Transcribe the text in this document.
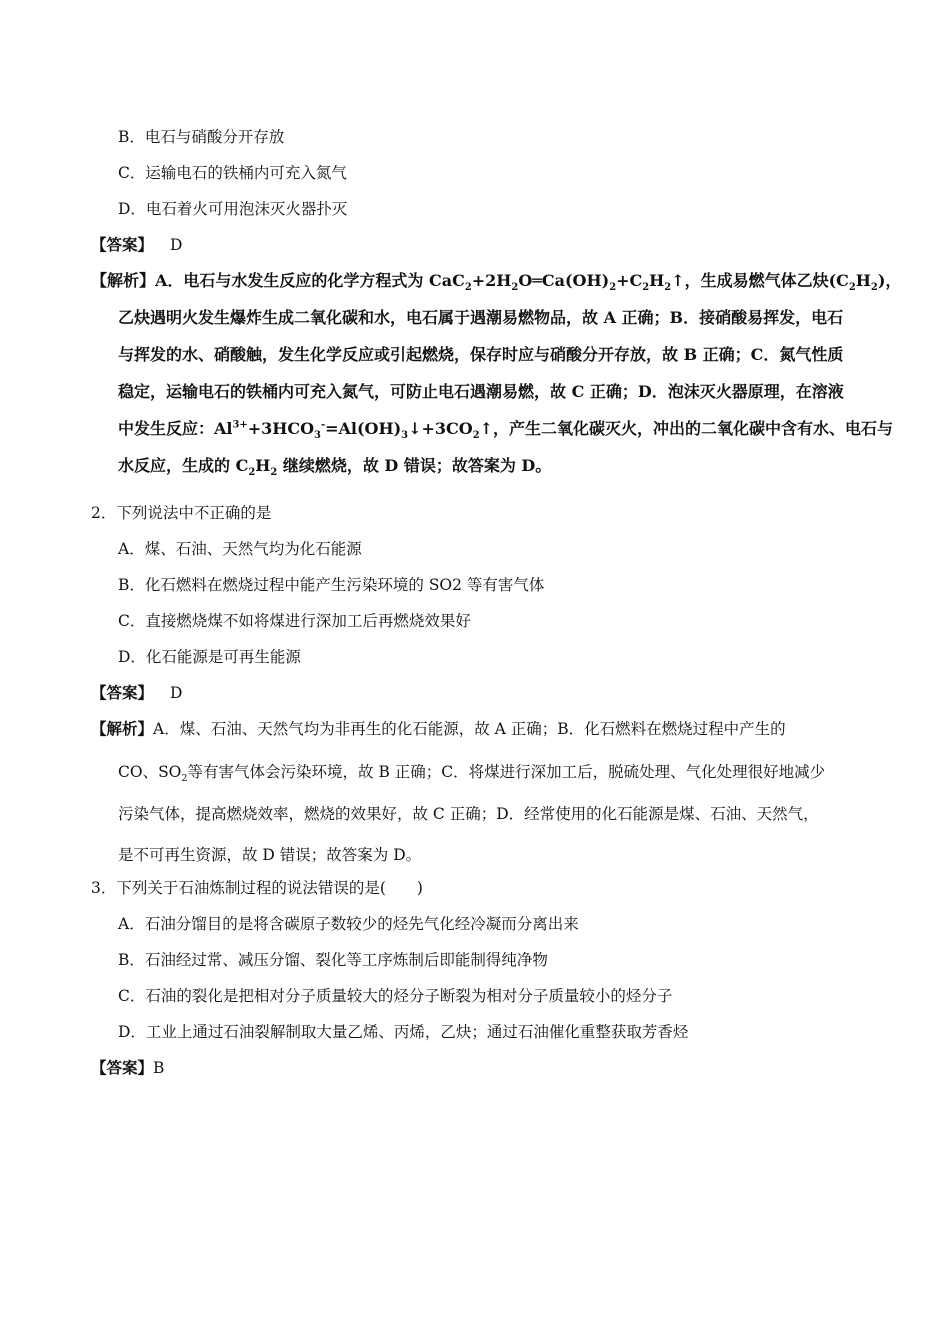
B．电石与硝酸分开存放
C．运输电石的铁桶内可充入氮气
D．电石着火可用泡沫灭火器扑灭
【答案】 D
【解析】A．电石与水发生反应的化学方程式为 $CaC_2+2H_2O═Ca(OH)_2+C_2H_2↑$，生成易燃气体乙炔$(C_2H_2)$，
乙炔遇明火发生爆炸生成二氧化碳和水，电石属于遇潮易燃物品，故 A 正确；B．接硝酸易挥发，电石
与挥发的水、硝酸触，发生化学反应或引起燃烧，保存时应与硝酸分开存放，故 B 正确；C．氮气性质
稳定，运输电石的铁桶内可充入氮气，可防止电石遇潮易燃，故 C 正确；D．泡沫灭火器原理，在溶液
中发生反应：$Al^{3+}+3HCO_3^-=Al(OH)_3↓+3CO_2↑$，产生二氧化碳灭火，冲出的二氧化碳中含有水、电石与
水反应，生成的 $C_2H_2$ 继续燃烧，故 D 错误；故答案为 D。
2．下列说法中不正确的是
A．煤、石油、天然气均为化石能源
B．化石燃料在燃烧过程中能产生污染环境的 SO2 等有害气体
C．直接燃烧煤不如将煤进行深加工后再燃烧效果好
D．化石能源是可再生能源
【答案】 D
【解析】A．煤、石油、天然气均为非再生的化石能源，故 A 正确；B．化石燃料在燃烧过程中产生的
CO、$SO_2$等有害气体会污染环境，故 B 正确；C．将煤进行深加工后，脱硫处理、气化处理很好地减少
污染气体，提高燃烧效率，燃烧的效果好，故 C 正确；D．经常使用的化石能源是煤、石油、天然气，
是不可再生资源，故 D 错误；故答案为 D。
3．下列关于石油炼制过程的说法错误的是(　　)
A．石油分馏目的是将含碳原子数较少的烃先气化经冷凝而分离出来
B．石油经过常、减压分馏、裂化等工序炼制后即能制得纯净物
C．石油的裂化是把相对分子质量较大的烃分子断裂为相对分子质量较小的烃分子
D．工业上通过石油裂解制取大量乙烯、丙烯，乙炔；通过石油催化重整获取芳香烃
【答案】B
